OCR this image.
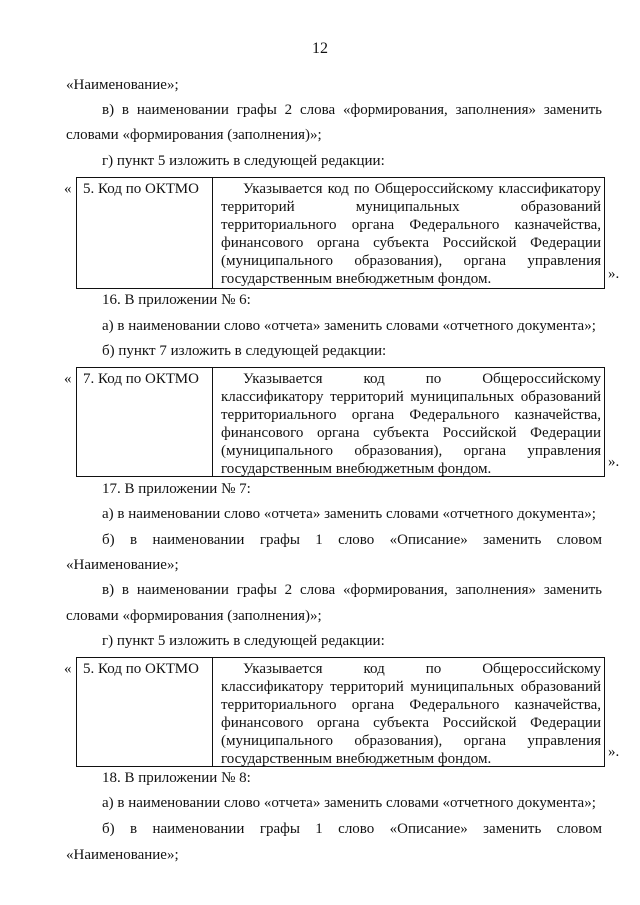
12
«Наименование»;
в) в наименовании графы 2 слова «формирования, заполнения» заменить
словами «формирования (заполнения)»;
г) пункт 5 изложить в следующей редакции:
« 5. Код по ОКТМО	Указывается код по Общероссийскому классификатору
территорий муниципальных образований
территориального органа Федерального казначейства,
финансового органа субъекта Российской Федерации
(муниципального образования), органа управления
государственным внебюджетным фондом.	».
16. В приложении № 6:
а) в наименовании слово «отчета» заменить словами «отчетного документа»;
б) пункт 7 изложить в следующей редакции:
« 7. Код по ОКТМО	Указывается код по Общероссийскому
классификатору территорий муниципальных образований
территориального органа Федерального казначейства,
финансового органа субъекта Российской Федерации
(муниципального образования), органа управления
государственным внебюджетным фондом.	».
17. В приложении № 7:
а) в наименовании слово «отчета» заменить словами «отчетного документа»;
б) в наименовании графы 1 слово «Описание» заменить словом
«Наименование»;
в) в наименовании графы 2 слова «формирования, заполнения» заменить
словами «формирования (заполнения)»;
г) пункт 5 изложить в следующей редакции:
« 5. Код по ОКТМО	Указывается код по Общероссийскому
классификатору территорий муниципальных образований
территориального органа Федерального казначейства,
финансового органа субъекта Российской Федерации
(муниципального образования), органа управления
государственным внебюджетным фондом.	».
18. В приложении № 8:
а) в наименовании слово «отчета» заменить словами «отчетного документа»;
б) в наименовании графы 1 слово «Описание» заменить словом
«Наименование»;
